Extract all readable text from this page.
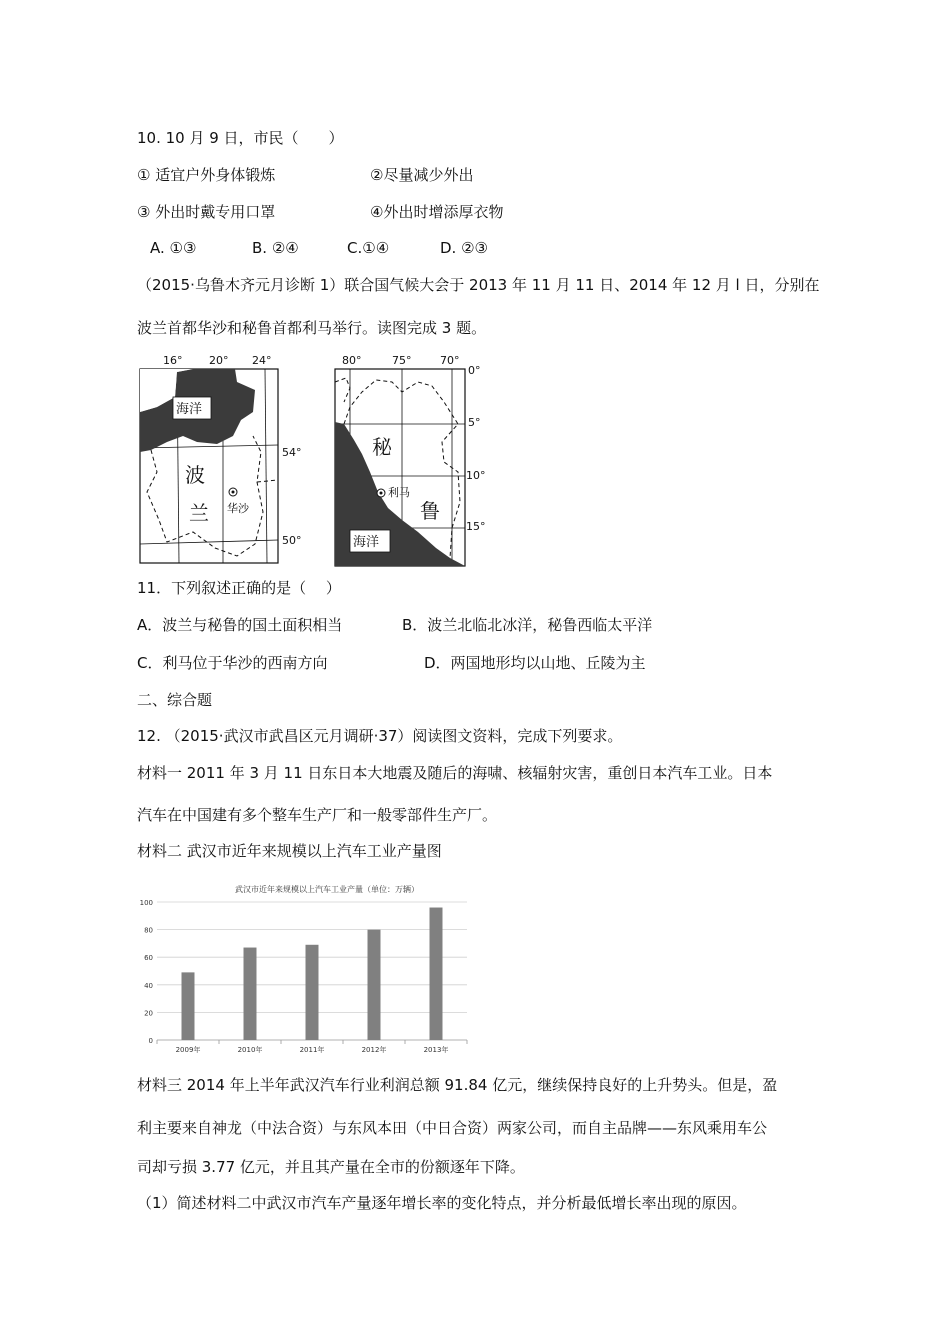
10. 10 月 9 日，市民（　　）
① 适宜户外身体锻炼	②尽量减少外出
③ 外出时戴专用口罩	④外出时增添厚衣物
A. ①③	B. ②④	C.①④	D. ②③
（2015·乌鲁木齐元月诊断 1）联合国气候大会于 2013 年 11 月 11 日、2014 年 12 月 l 日，分别在
波兰首都华沙和秘鲁首都利马举行。读图完成 3 题。
16° 20° 24°
海洋
54°
50°
波
兰 华沙
80°	75°	70°
海洋
0°
5°
10°
15°
秘
鲁
利马
11．下列叙述正确的是（　 ）
A．波兰与秘鲁的国土面积相当	B．波兰北临北冰洋，秘鲁西临太平洋
C．利马位于华沙的西南方向	D．两国地形均以山地、丘陵为主
二、综合题
12. （2015·武汉市武昌区元月调研·37）阅读图文资料，完成下列要求。
材料一 2011 年 3 月 11 日东日本大地震及随后的海啸、核辐射灾害，重创日本汽车工业。日本
汽车在中国建有多个整车生产厂和一般零部件生产厂。
材料二 武汉市近年来规模以上汽车工业产量图
武汉市近年来规模以上汽车工业产量（单位：万辆）
0
20
40
60
80
100
2009年	2010年	2011年	2012年	2013年
材料三 2014 年上半年武汉汽车行业利润总额 91.84 亿元，继续保持良好的上升势头。但是，盈
利主要来自神龙（中法合资）与东风本田（中日合资）两家公司，而自主品牌——东风乘用车公
司却亏损 3.77 亿元，并且其产量在全市的份额逐年下降。
（1）简述材料二中武汉市汽车产量逐年增长率的变化特点，并分析最低增长率出现的原因。
